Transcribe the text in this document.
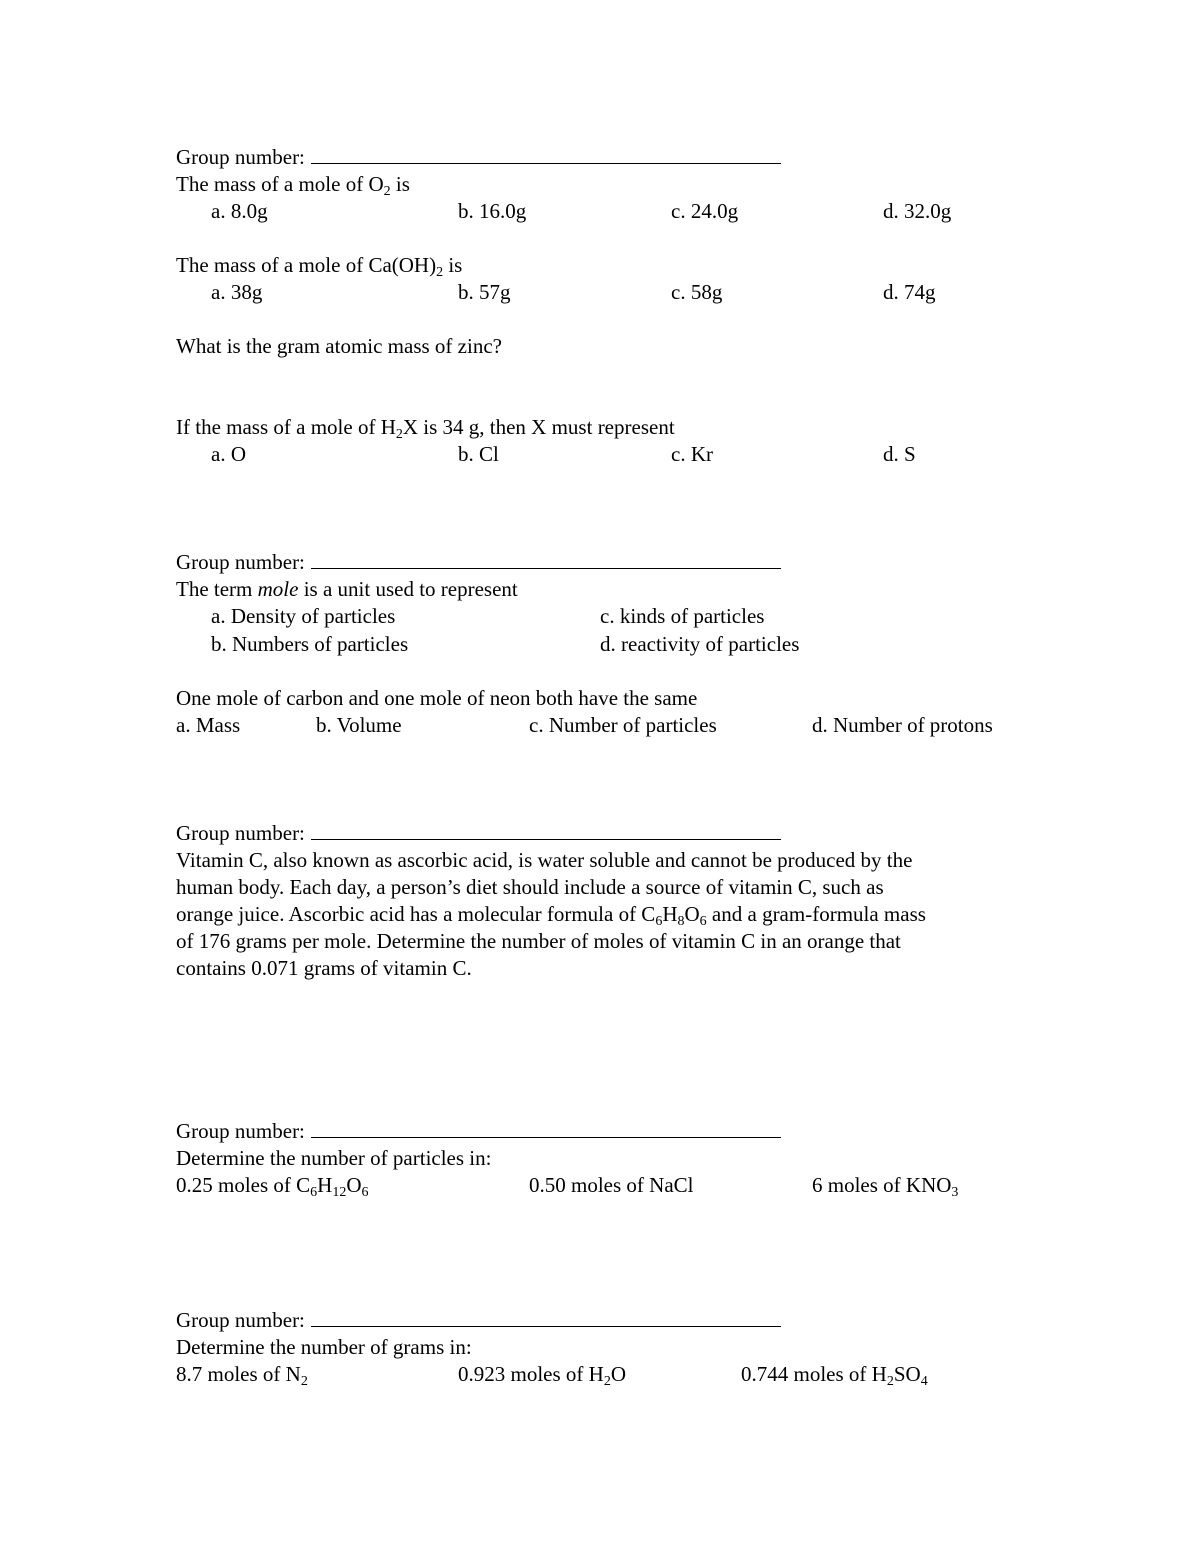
Group number:
The mass of a mole of $O_2$ is
a. 8.0g	b. 16.0g	c. 24.0g	d. 32.0g
The mass of a mole of $Ca(OH)_2$ is
a. 38g	b. 57g	c. 58g	d. 74g
What is the gram atomic mass of zinc?
If the mass of a mole of $H_2X$ is 34 g, then X must represent
a. O	b. Cl	c. Kr	d. S
Group number:
The term mole is a unit used to represent
a. Density of particles	c. kinds of particles
b. Numbers of particles	d. reactivity of particles
One mole of carbon and one mole of neon both have the same
a. Mass	b. Volume	c. Number of particles	d. Number of protons
Group number:
Vitamin C, also known as ascorbic acid, is water soluble and cannot be produced by the
human body. Each day, a person’s diet should include a source of vitamin C, such as
orange juice. Ascorbic acid has a molecular formula of $C_6H_8O_6$ and a gram-formula mass
of 176 grams per mole. Determine the number of moles of vitamin C in an orange that
contains 0.071 grams of vitamin C.
Group number:
Determine the number of particles in:
0.25 moles of $C_6H_{12}O_6$	0.50 moles of NaCl	6 moles of $KNO_3$
Group number:
Determine the number of grams in:
8.7 moles of $N_2$	0.923 moles of $H_2O$	0.744 moles of $H_2SO_4$
